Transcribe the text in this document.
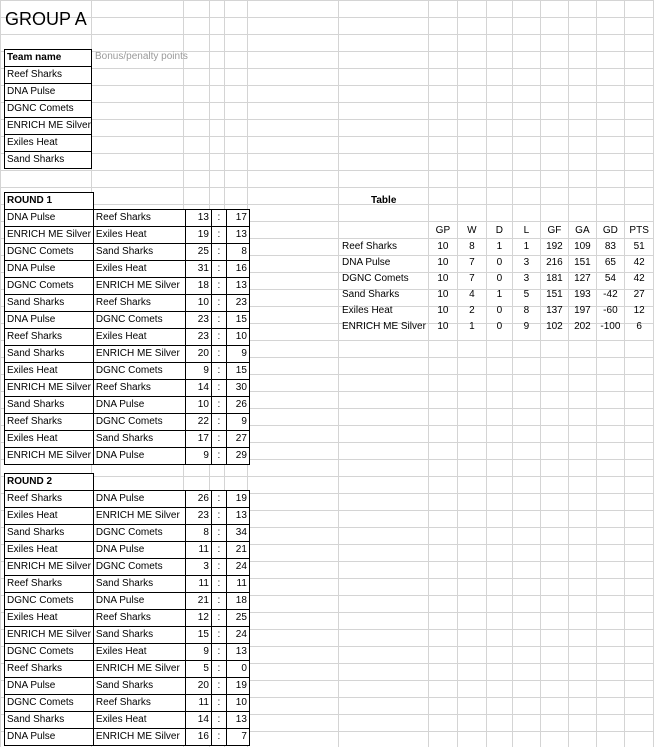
GROUP A
Team name
Reef Sharks
DNA Pulse
DGNC Comets
ENRICH ME Silver
Exiles Heat
Sand Sharks
Bonus/penalty points
ROUND 1				
DNA Pulse	Reef Sharks	13	:	17
ENRICH ME Silver	Exiles Heat	19	:	13
DGNC Comets	Sand Sharks	25	:	8
DNA Pulse	Exiles Heat	31	:	16
DGNC Comets	ENRICH ME Silver	18	:	13
Sand Sharks	Reef Sharks	10	:	23
DNA Pulse	DGNC Comets	23	:	15
Reef Sharks	Exiles Heat	23	:	10
Sand Sharks	ENRICH ME Silver	20	:	9
Exiles Heat	DGNC Comets	9	:	15
ENRICH ME Silver	Reef Sharks	14	:	30
Sand Sharks	DNA Pulse	10	:	26
Reef Sharks	DGNC Comets	22	:	9
Exiles Heat	Sand Sharks	17	:	27
ENRICH ME Silver	DNA Pulse	9	:	29
ROUND 2				
Reef Sharks	DNA Pulse	26	:	19
Exiles Heat	ENRICH ME Silver	23	:	13
Sand Sharks	DGNC Comets	8	:	34
Exiles Heat	DNA Pulse	11	:	21
ENRICH ME Silver	DGNC Comets	3	:	24
Reef Sharks	Sand Sharks	11	:	11
DGNC Comets	DNA Pulse	21	:	18
Exiles Heat	Reef Sharks	12	:	25
ENRICH ME Silver	Sand Sharks	15	:	24
DGNC Comets	Exiles Heat	9	:	13
Reef Sharks	ENRICH ME Silver	5	:	0
DNA Pulse	Sand Sharks	20	:	19
DGNC Comets	Reef Sharks	11	:	10
Sand Sharks	Exiles Heat	14	:	13
DNA Pulse	ENRICH ME Silver	16	:	7
Table
	GP	W	D	L	GF	GA	GD	PTS
Reef Sharks	10	8	1	1	192	109	83	51
DNA Pulse	10	7	0	3	216	151	65	42
DGNC Comets	10	7	0	3	181	127	54	42
Sand Sharks	10	4	1	5	151	193	-42	27
Exiles Heat	10	2	0	8	137	197	-60	12
ENRICH ME Silver	10	1	0	9	102	202	-100	6
